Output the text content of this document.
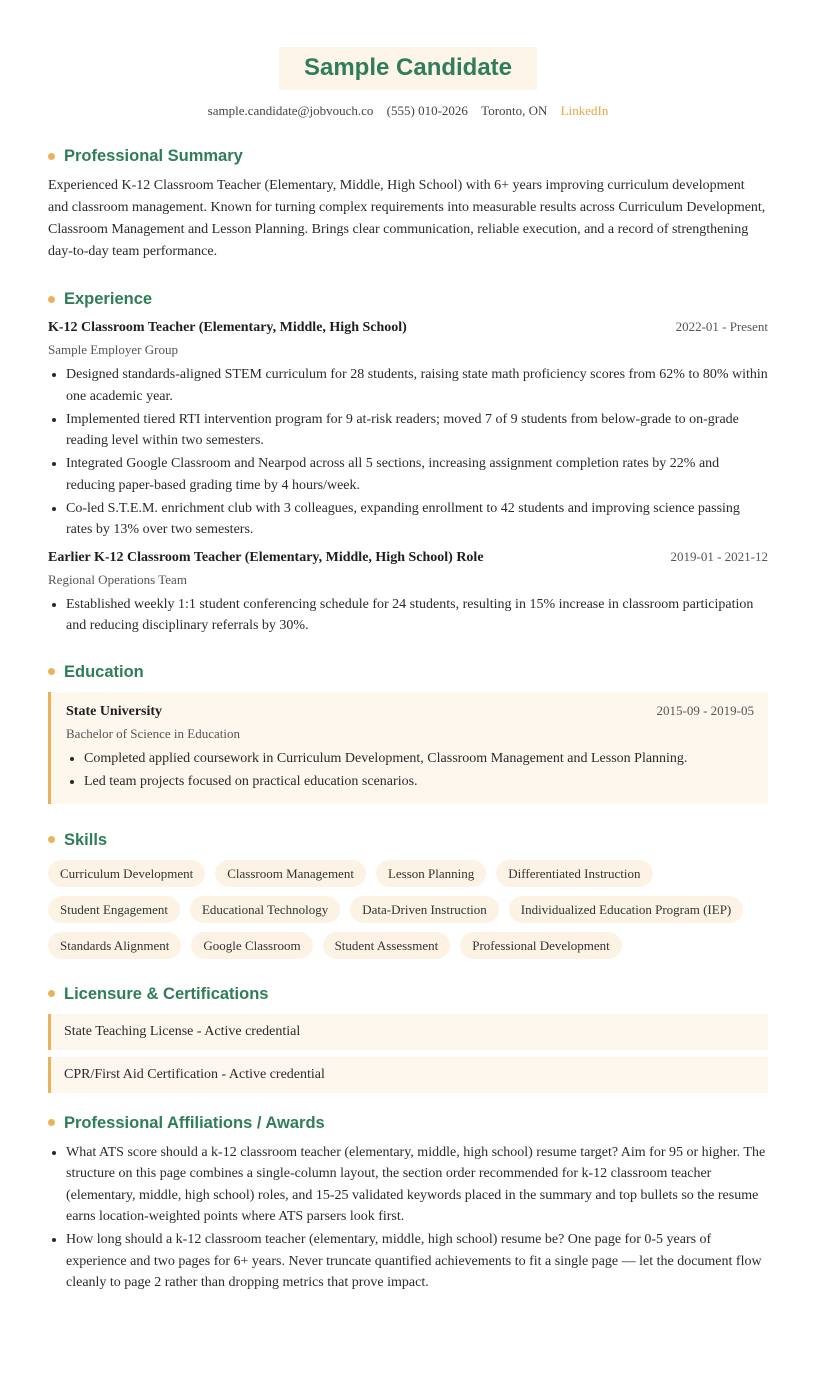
Sample Candidate
sample.candidate@jobvouch.co (555) 010-2026 Toronto, ON LinkedIn
Professional Summary

Experienced K-12 Classroom Teacher (Elementary, Middle, High School) with 6+ years improving curriculum development and classroom management. Known for turning complex requirements into measurable results across Curriculum Development, Classroom Management and Lesson Planning. Brings clear communication, reliable execution, and a record of strengthening day-to-day team performance.

Experience
K-12 Classroom Teacher (Elementary, Middle, High School)	2022-01 - Present
Sample Employer Group
• Designed standards-aligned STEM curriculum for 28 students, raising state math proficiency scores from 62% to 80% within one academic year.
• Implemented tiered RTI intervention program for 9 at-risk readers; moved 7 of 9 students from below-grade to on-grade reading level within two semesters.
• Integrated Google Classroom and Nearpod across all 5 sections, increasing assignment completion rates by 22% and reducing paper-based grading time by 4 hours/week.
• Co-led S.T.E.M. enrichment club with 3 colleagues, expanding enrollment to 42 students and improving science passing rates by 13% over two semesters.
Earlier K-12 Classroom Teacher (Elementary, Middle, High School) Role	2019-01 - 2021-12
Regional Operations Team
• Established weekly 1:1 student conferencing schedule for 24 students, resulting in 15% increase in classroom participation and reducing disciplinary referrals by 30%.
Education
State University	2015-09 - 2019-05
Bachelor of Science in Education
• Completed applied coursework in Curriculum Development, Classroom Management and Lesson Planning.
• Led team projects focused on practical education scenarios.
Skills
Curriculum Development	Classroom Management	Lesson Planning	Differentiated Instruction
Student Engagement	Educational Technology	Data-Driven Instruction	Individualized Education Program (IEP)
Standards Alignment	Google Classroom	Student Assessment	Professional Development
Licensure & Certifications
State Teaching License - Active credential
CPR/First Aid Certification - Active credential
Professional Affiliations / Awards
• What ATS score should a k-12 classroom teacher (elementary, middle, high school) resume target? Aim for 95 or higher. The structure on this page combines a single-column layout, the section order recommended for k-12 classroom teacher (elementary, middle, high school) roles, and 15-25 validated keywords placed in the summary and top bullets so the resume earns location-weighted points where ATS parsers look first.
• How long should a k-12 classroom teacher (elementary, middle, high school) resume be? One page for 0-5 years of experience and two pages for 6+ years. Never truncate quantified achievements to fit a single page — let the document flow cleanly to page 2 rather than dropping metrics that prove impact.
